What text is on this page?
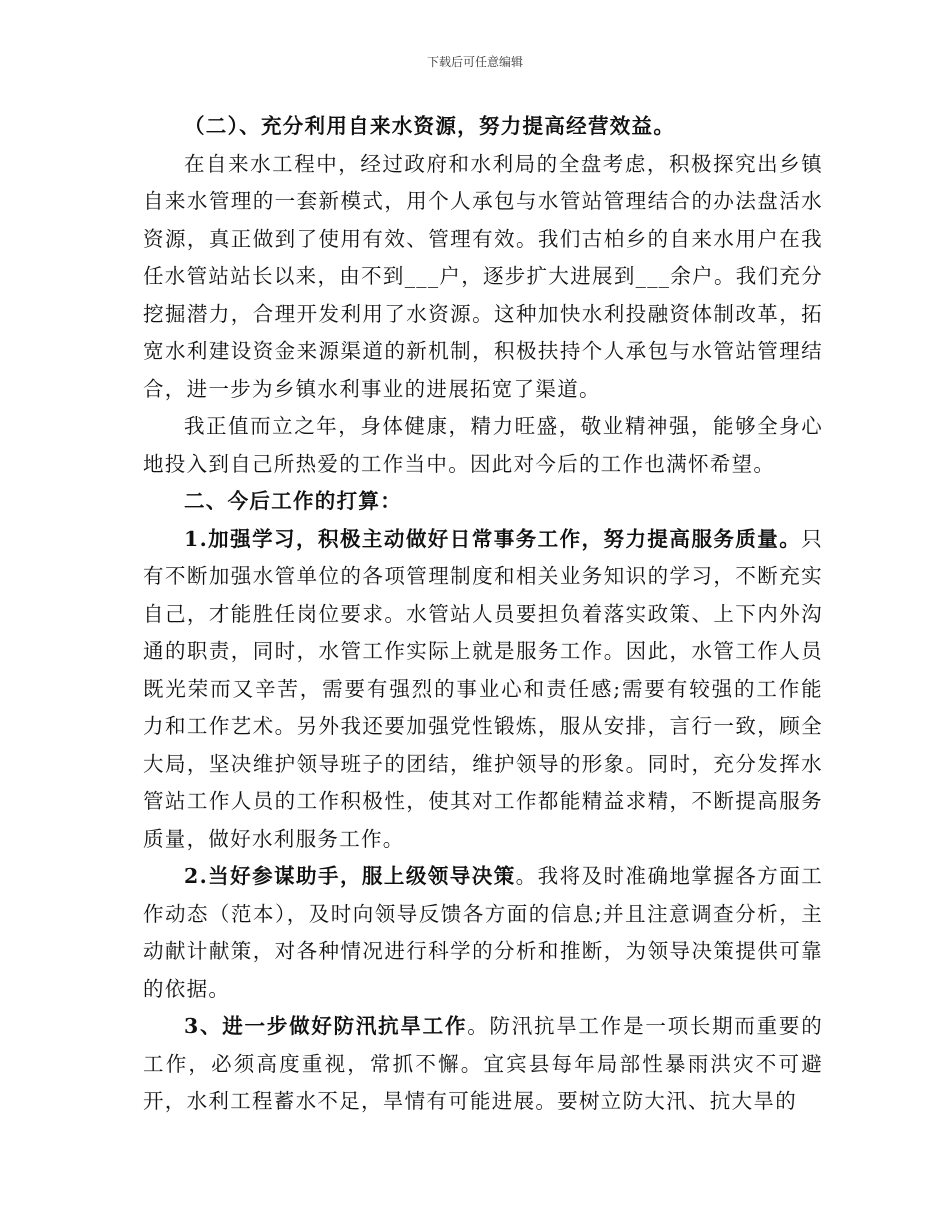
下载后可任意编辑

（二）、充分利用自来水资源，努力提高经营效益。

在自来水工程中，经过政府和水利局的全盘考虑，积极探究出乡镇自来水管理的一套新模式，用个人承包与水管站管理结合的办法盘活水资源，真正做到了使用有效、管理有效。我们古柏乡的自来水用户在我任水管站站长以来，由不到___户，逐步扩大进展到___余户。我们充分挖掘潜力，合理开发利用了水资源。这种加快水利投融资体制改革，拓宽水利建设资金来源渠道的新机制，积极扶持个人承包与水管站管理结合，进一步为乡镇水利事业的进展拓宽了渠道。

我正值而立之年，身体健康，精力旺盛，敬业精神强，能够全身心地投入到自己所热爱的工作当中。因此对今后的工作也满怀希望。

二、今后工作的打算：

1.加强学习，积极主动做好日常事务工作，努力提高服务质量。只有不断加强水管单位的各项管理制度和相关业务知识的学习，不断充实自己，才能胜任岗位要求。水管站人员要担负着落实政策、上下内外沟通的职责，同时，水管工作实际上就是服务工作。因此，水管工作人员既光荣而又辛苦，需要有强烈的事业心和责任感;需要有较强的工作能力和工作艺术。另外我还要加强党性锻炼，服从安排，言行一致，顾全大局，坚决维护领导班子的团结，维护领导的形象。同时，充分发挥水管站工作人员的工作积极性，使其对工作都能精益求精，不断提高服务质量，做好水利服务工作。

2.当好参谋助手，服上级领导决策。我将及时准确地掌握各方面工作动态（范本），及时向领导反馈各方面的信息;并且注意调查分析，主动献计献策，对各种情况进行科学的分析和推断，为领导决策提供可靠的依据。

3、进一步做好防汛抗旱工作。防汛抗旱工作是一项长期而重要的工作，必须高度重视，常抓不懈。宜宾县每年局部性暴雨洪灾不可避开，水利工程蓄水不足，旱情有可能进展。要树立防大汛、抗大旱的
